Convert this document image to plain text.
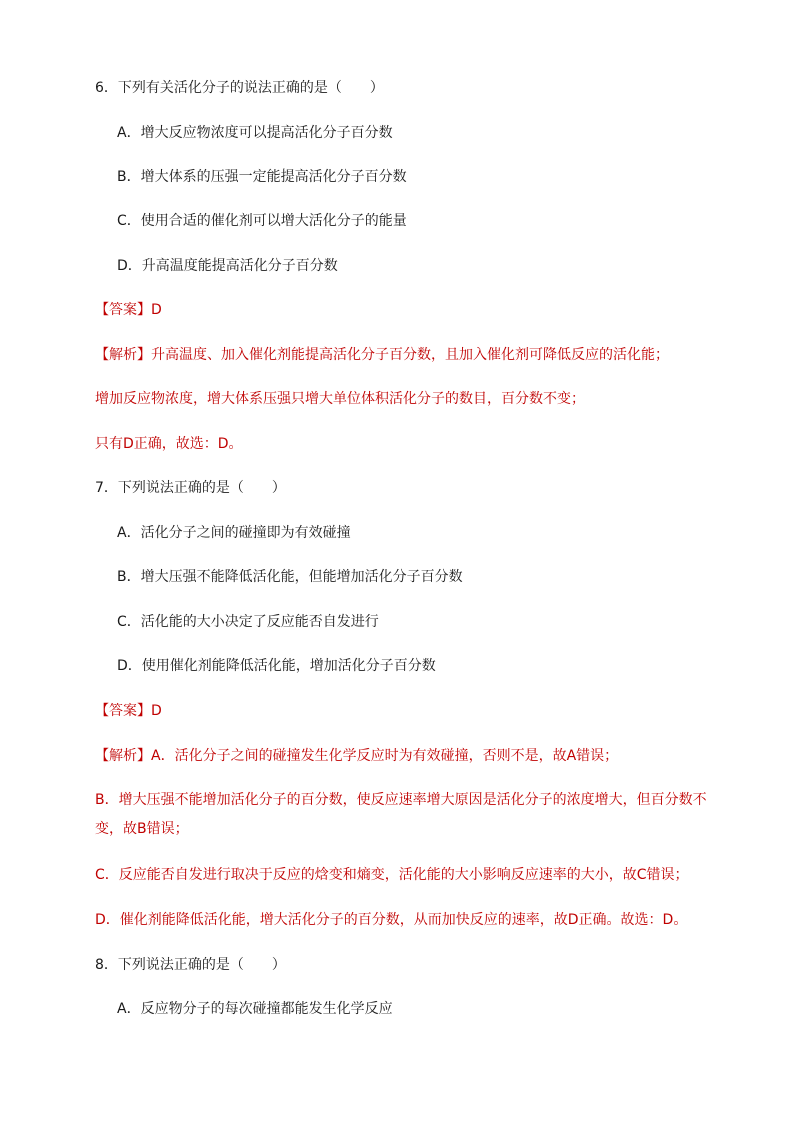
6．下列有关活化分子的说法正确的是（　　）
A．增大反应物浓度可以提高活化分子百分数
B．增大体系的压强一定能提高活化分子百分数
C．使用合适的催化剂可以增大活化分子的能量
D．升高温度能提高活化分子百分数
【答案】D
【解析】升高温度、加入催化剂能提高活化分子百分数，且加入催化剂可降低反应的活化能；
增加反应物浓度，增大体系压强只增大单位体积活化分子的数目，百分数不变；
只有D正确，故选：D。
7．下列说法正确的是（　　）
A．活化分子之间的碰撞即为有效碰撞
B．增大压强不能降低活化能，但能增加活化分子百分数
C．活化能的大小决定了反应能否自发进行
D．使用催化剂能降低活化能，增加活化分子百分数
【答案】D
【解析】A．活化分子之间的碰撞发生化学反应时为有效碰撞，否则不是，故A错误；
B．增大压强不能增加活化分子的百分数，使反应速率增大原因是活化分子的浓度增大，但百分数不
变，故B错误；
C．反应能否自发进行取决于反应的焓变和熵变，活化能的大小影响反应速率的大小，故C错误；
D．催化剂能降低活化能，增大活化分子的百分数，从而加快反应的速率，故D正确。故选：D。
8．下列说法正确的是（　　）
A．反应物分子的每次碰撞都能发生化学反应
